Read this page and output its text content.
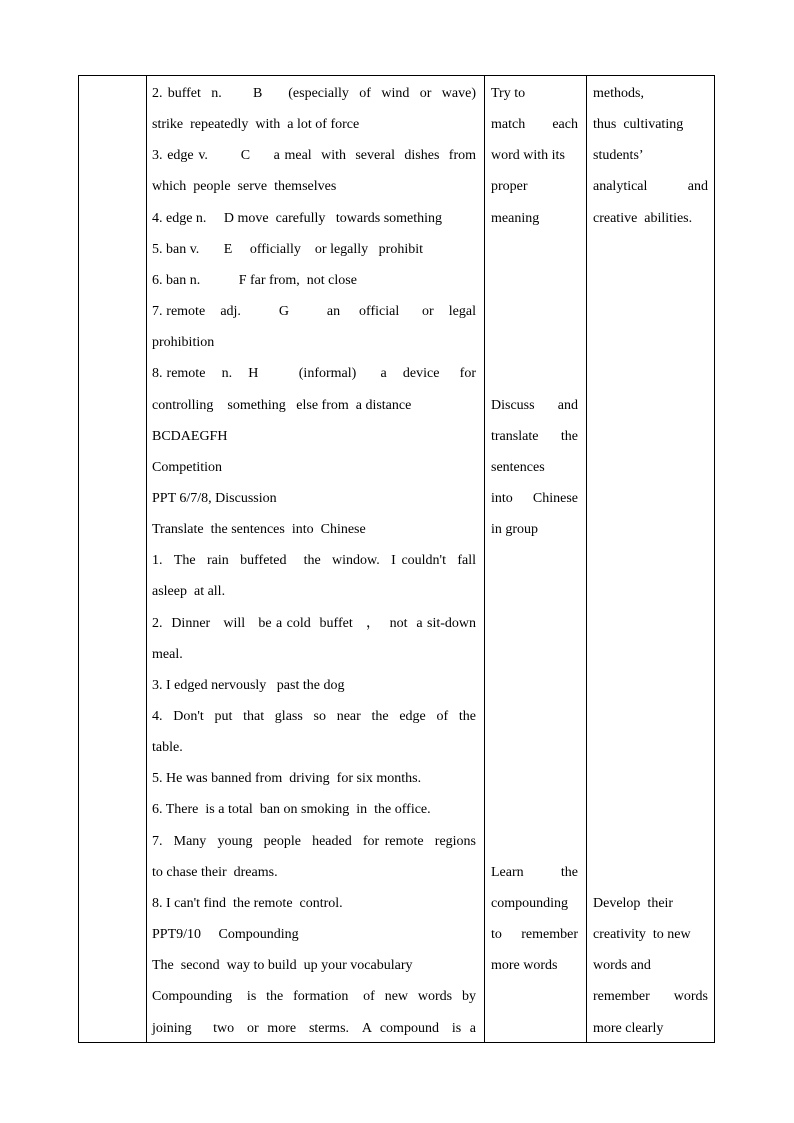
2. buffet  n.      B     (especially  of  wind  or  wave)
strike  repeatedly  with  a lot of force
3. edge v.       C     a meal  with  several  dishes  from
which  people  serve  themselves
4. edge n.     D move  carefully   towards something
5. ban v.       E     officially    or legally   prohibit
6. ban n.           F far from,  not close
7. remote    adj.          G          an     official      or    legal
prohibition
8. remote    n.    H          (informal)      a    device     for
controlling    something   else from  a distance
BCDAEGFH
Competition
PPT 6/7/8, Discussion
Translate  the sentences  into  Chinese
1.  The  rain  buffeted   the  window.  I couldn't  fall
asleep  at all.
2.  Dinner   will   be a cold  buffet   ，  not  a sit-down
meal.
3. I edged nervously   past the dog
4.  Don't  put  that  glass  so  near  the  edge  of  the
table.
5. He was banned from  driving  for six months.
6. There  is a total  ban on smoking  in  the office.
7.  Many  young  people  headed  for remote  regions
to chase their  dreams.
8. I can't find  the remote  control.
PPT9/10     Compounding
The  second  way to build  up your vocabulary
Compounding   is  the  formation   of  new  words  by
joining     two   or  more   sterms.   A  compound   is  a
Try to
match       each
word with its
proper
meaning
Discuss   and
translate     the
sentences
into    Chinese
in group
Learn          the
compounding
to   remember
more words
methods,
thus  cultivating
students’
analytical    and
creative  abilities.
Develop  their
creativity  to new
words and
remember    words
more clearly
